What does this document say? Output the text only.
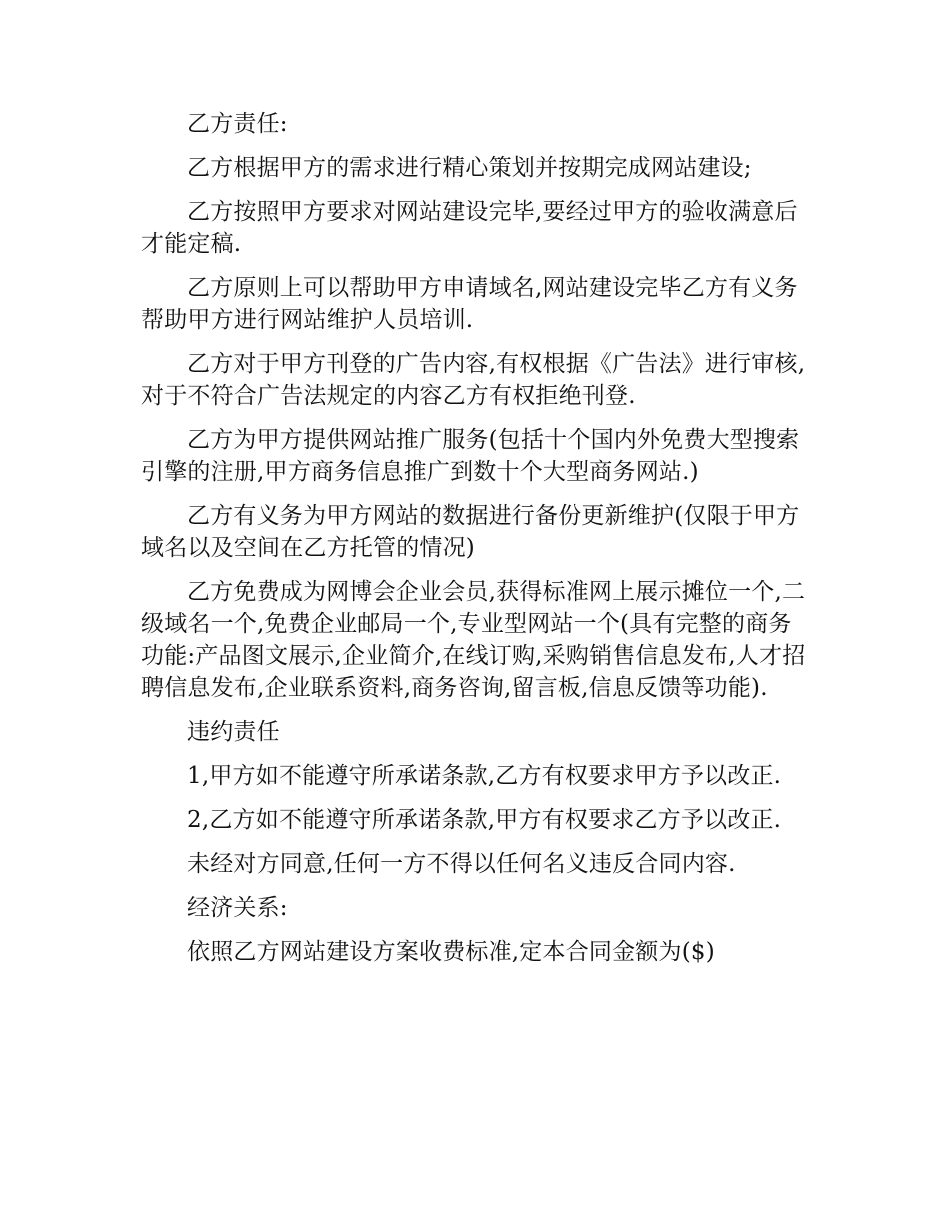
乙方责任:

乙方根据甲方的需求进行精心策划并按期完成网站建设;

乙方按照甲方要求对网站建设完毕,要经过甲方的验收满意后才能定稿.

乙方原则上可以帮助甲方申请域名,网站建设完毕乙方有义务帮助甲方进行网站维护人员培训.

乙方对于甲方刊登的广告内容,有权根据《广告法》进行审核,对于不符合广告法规定的内容乙方有权拒绝刊登.

乙方为甲方提供网站推广服务(包括十个国内外免费大型搜索引擎的注册,甲方商务信息推广到数十个大型商务网站.)

乙方有义务为甲方网站的数据进行备份更新维护(仅限于甲方域名以及空间在乙方托管的情况)

乙方免费成为网博会企业会员,获得标准网上展示摊位一个,二级域名一个,免费企业邮局一个,专业型网站一个(具有完整的商务功能:产品图文展示,企业简介,在线订购,采购销售信息发布,人才招聘信息发布,企业联系资料,商务咨询,留言板,信息反馈等功能).

违约责任

1,甲方如不能遵守所承诺条款,乙方有权要求甲方予以改正.

2,乙方如不能遵守所承诺条款,甲方有权要求乙方予以改正.

未经对方同意,任何一方不得以任何名义违反合同内容.

经济关系:

依照乙方网站建设方案收费标准,定本合同金额为($)
